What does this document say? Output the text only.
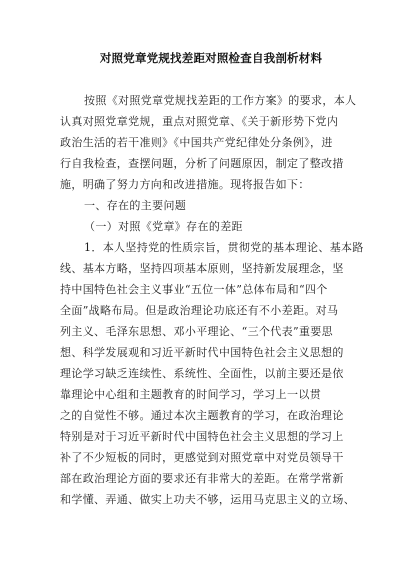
对照党章党规找差距对照检查自我剖析材料
按照《对照党章党规找差距的工作方案》的要求，本人
认真对照党章党规，重点对照党章、《关于新形势下党内
政治生活的若干准则》《中国共产党纪律处分条例》，进
行自我检查，查摆问题，分析了问题原因，制定了整改措
施，明确了努力方向和改进措施。现将报告如下：
一、存在的主要问题
（一）对照《党章》存在的差距
1．本人坚持党的性质宗旨，贯彻党的基本理论、基本路
线、基本方略，坚持四项基本原则，坚持新发展理念，坚
持中国特色社会主义事业“五位一体”总体布局和“四个
全面”战略布局。但是政治理论功底还有不小差距。对马
列主义、毛泽东思想、邓小平理论、“三个代表”重要思
想、科学发展观和习近平新时代中国特色社会主义思想的
理论学习缺乏连续性、系统性、全面性，以前主要还是依
靠理论中心组和主题教育的时间学习，学习上一以贯
之的自觉性不够。通过本次主题教育的学习，在政治理论
特别是对于习近平新时代中国特色社会主义思想的学习上
补了不少短板的同时，更感觉到对照党章中对党员领导干
部在政治理论方面的要求还有非常大的差距。在常学常新
和学懂、弄通、做实上功夫不够，运用马克思主义的立场、
